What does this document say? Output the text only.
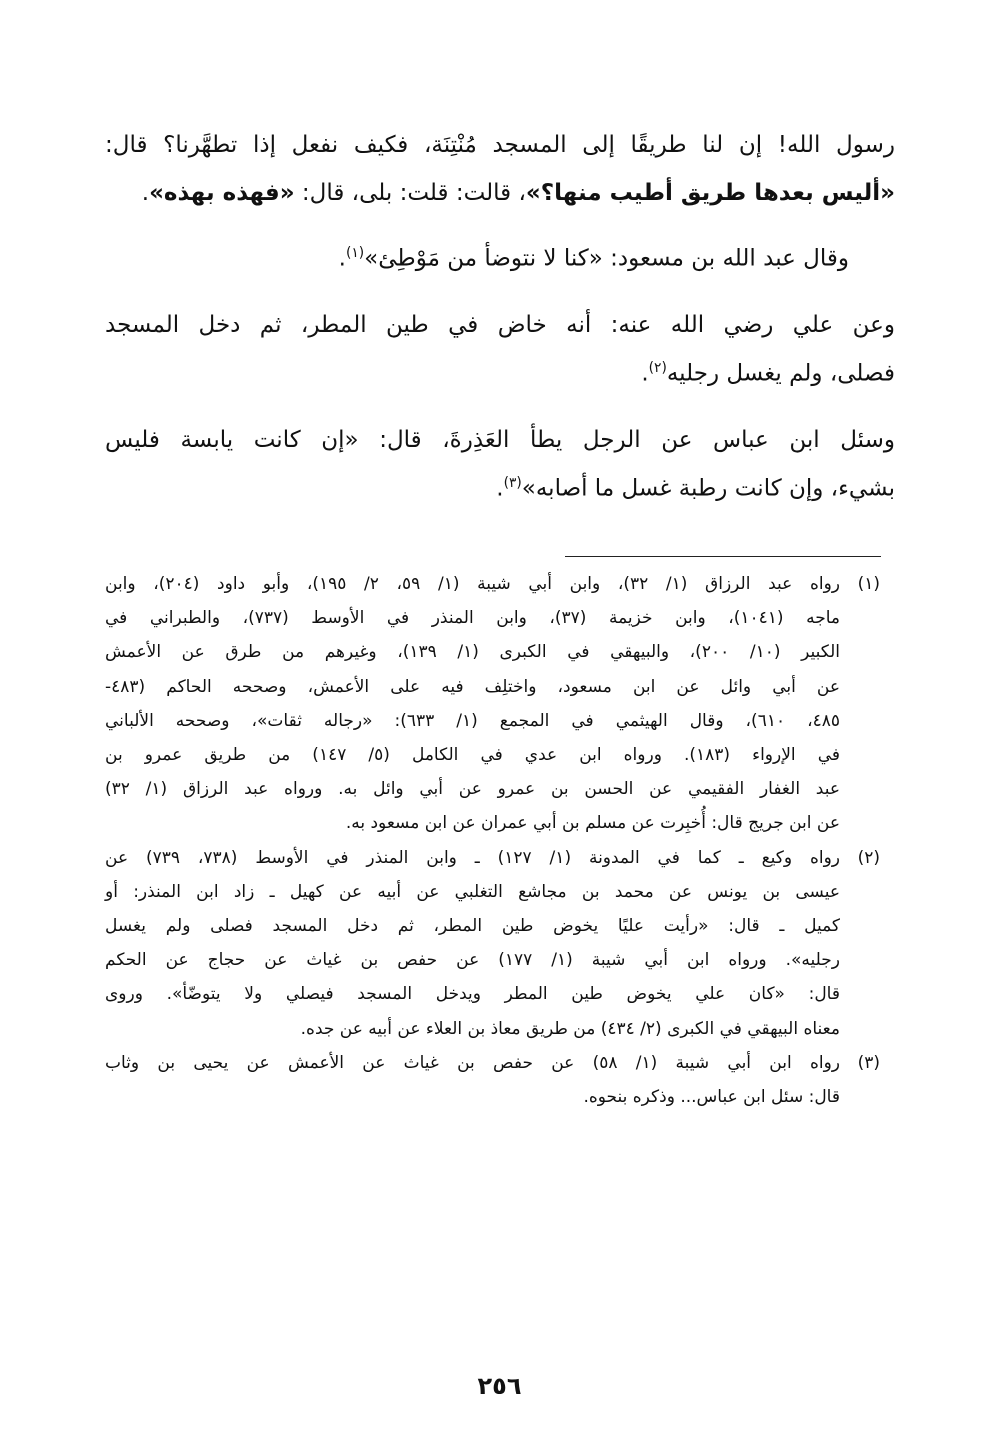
رسول الله! إن لنا طريقًا إلى المسجد مُنْتِنَة، فكيف نفعل إذا تطهَّرنا؟ قال:
«أليس بعدها طريق أطيب منها؟»، قالت: قلت: بلى، قال: «فهذه بهذه».
وقال عبد الله بن مسعود: «كنا لا نتوضأ من مَوْطِئ»$^{(١)}$.
وعن علي رضي الله عنه: أنه خاض في طين المطر، ثم دخل المسجد
فصلى، ولم يغسل رجليه$^{(٢)}$.
وسئل ابن عباس عن الرجل يطأ العَذِرةَ، قال: «إن كانت يابسة فليس
بشيء، وإن كانت رطبة غسل ما أصابه»$^{(٣)}$.
(١)
رواه عبد الرزاق (١/ ٣٢)، وابن أبي شيبة (١/ ٥٩، ٢/ ١٩٥)، وأبو داود (٢٠٤)، وابن
ماجه (١٠٤١)، وابن خزيمة (٣٧)، وابن المنذر في الأوسط (٧٣٧)، والطبراني في
الكبير (١٠/ ٢٠٠)، والبيهقي في الكبرى (١/ ١٣٩)، وغيرهم من طرق عن الأعمش
عن أبي وائل عن ابن مسعود، واختلِف فيه على الأعمش، وصححه الحاكم (٤٨٣-
٤٨٥، ٦١٠)، وقال الهيثمي في المجمع (١/ ٦٣٣): «رجاله ثقات»، وصححه الألباني
في الإرواء (١٨٣). ورواه ابن عدي في الكامل (٥/ ١٤٧) من طريق عمرو بن
عبد الغفار الفقيمي عن الحسن بن عمرو عن أبي وائل به. ورواه عبد الرزاق (١/ ٣٢)
عن ابن جريج قال: أُخبِرت عن مسلم بن أبي عمران عن ابن مسعود به.
(٢)
رواه وكيع ـ كما في المدونة (١/ ١٢٧) ـ وابن المنذر في الأوسط (٧٣٨، ٧٣٩) عن
عيسى بن يونس عن محمد بن مجاشع التغلبي عن أبيه عن كهيل ـ زاد ابن المنذر: أو
كميل ـ قال: «رأيت عليًا يخوض طين المطر، ثم دخل المسجد فصلى ولم يغسل
رجليه». ورواه ابن أبي شيبة (١/ ١٧٧) عن حفص بن غياث عن حجاج عن الحكم
قال: «كان علي يخوض طين المطر ويدخل المسجد فيصلي ولا يتوضّأ». وروى
معناه البيهقي في الكبرى (٢/ ٤٣٤) من طريق معاذ بن العلاء عن أبيه عن جده.
(٣)
رواه ابن أبي شيبة (١/ ٥٨) عن حفص بن غياث عن الأعمش عن يحيى بن وثاب
قال: سئل ابن عباس... وذكره بنحوه.
٢٥٦
